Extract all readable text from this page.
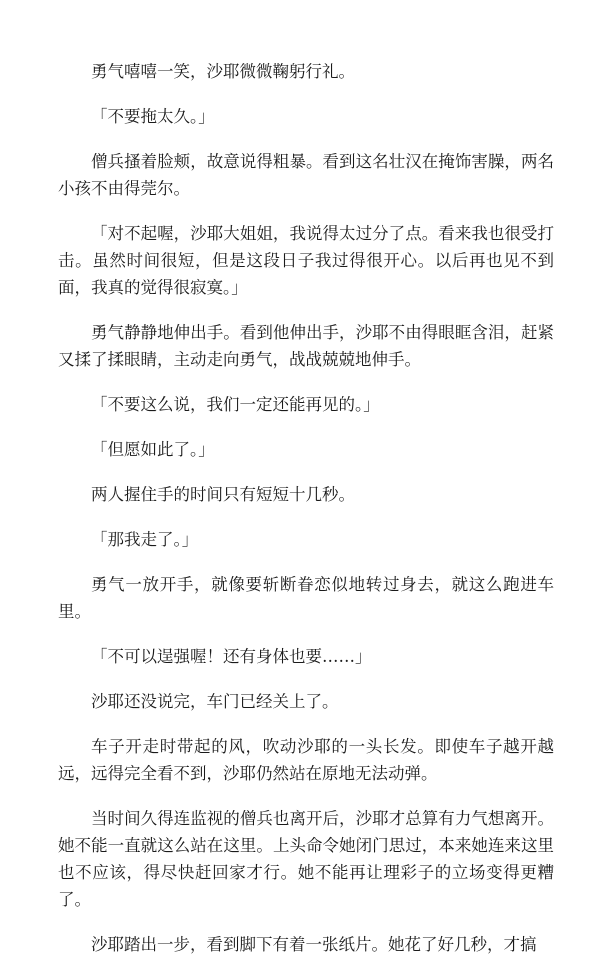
勇气嘻嘻一笑，沙耶微微鞠躬行礼。

「不要拖太久。」

僧兵搔着脸颊，故意说得粗暴。看到这名壮汉在掩饰害臊，两名小孩不由得莞尔。

「对不起喔，沙耶大姐姐，我说得太过分了点。看来我也很受打击。虽然时间很短，但是这段日子我过得很开心。以后再也见不到面，我真的觉得很寂寞。」

勇气静静地伸出手。看到他伸出手，沙耶不由得眼眶含泪，赶紧又揉了揉眼睛，主动走向勇气，战战兢兢地伸手。

「不要这么说，我们一定还能再见的。」

「但愿如此了。」

两人握住手的时间只有短短十几秒。

「那我走了。」

勇气一放开手，就像要斩断眷恋似地转过身去，就这么跑进车里。

「不可以逞强喔！还有身体也要……」

沙耶还没说完，车门已经关上了。

车子开走时带起的风，吹动沙耶的一头长发。即使车子越开越远，远得完全看不到，沙耶仍然站在原地无法动弹。

当时间久得连监视的僧兵也离开后，沙耶才总算有力气想离开。她不能一直就这么站在这里。上头命令她闭门思过，本来她连来这里也不应该，得尽快赶回家才行。她不能再让理彩子的立场变得更糟了。

沙耶踏出一步，看到脚下有着一张纸片。她花了好几秒，才搞
